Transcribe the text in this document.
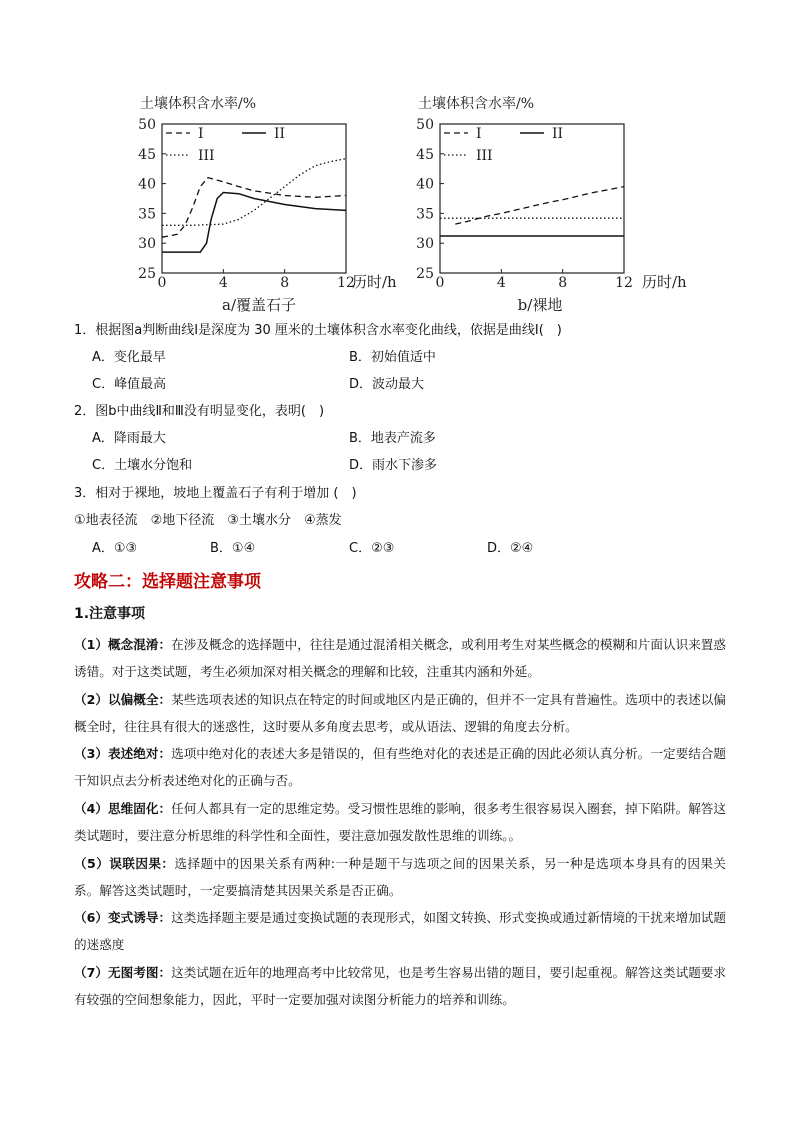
土壤体积含水率/%
25
30
35
40
45
50
0	4	8	12
I	II
III
历时/h
a/覆盖石子
土壤体积含水率/%
25
30
35
40
45
50
0	4	8	12
I	II
III
历时/h
b/裸地
1．根据图a判断曲线Ⅰ是深度为 30 厘米的土壤体积含水率变化曲线，依据是曲线Ⅰ(　)
A．变化最早	B．初始值适中
C．峰值最高	D．波动最大
2．图b中曲线Ⅱ和Ⅲ没有明显变化，表明(　)
A．降雨最大	B．地表产流多
C．土壤水分饱和	D．雨水下渗多
3．相对于裸地，坡地上覆盖石子有利于增加 (　)
①地表径流　②地下径流　③土壤水分　④蒸发
A．①③	B．①④	C．②③	D．②④
攻略二：选择题注意事项
1.注意事项
（1）概念混淆：在涉及概念的选择题中，往往是通过混淆相关概念，或利用考生对某些概念的模糊和片面认识来置惑诱错。对于这类试题，考生必须加深对相关概念的理解和比较，注重其内涵和外延。
（2）以偏概全：某些选项表述的知识点在特定的时间或地区内是正确的，但并不一定具有普遍性。选项中的表述以偏概全时，往往具有很大的迷惑性，这时要从多角度去思考，或从语法、逻辑的角度去分析。
（3）表述绝对：选项中绝对化的表述大多是错误的，但有些绝对化的表述是正确的因此必须认真分析。一定要结合题干知识点去分析表述绝对化的正确与否。
（4）思维固化：任何人都具有一定的思维定势。受习惯性思维的影响，很多考生很容易误入圈套，掉下陷阱。解答这类试题时，要注意分析思维的科学性和全面性，要注意加强发散性思维的训练。。
（5）误联因果：选择题中的因果关系有两种:一种是题干与选项之间的因果关系，另一种是选项本身具有的因果关系。解答这类试题时，一定要搞清楚其因果关系是否正确。
（6）变式诱导：这类选择题主要是通过变换试题的表现形式，如图文转换、形式变换或通过新情境的干扰来增加试题的迷惑度
（7）无图考图：这类试题在近年的地理高考中比较常见，也是考生容易出错的题目，要引起重视。解答这类试题要求有较强的空间想象能力，因此，平时一定要加强对读图分析能力的培养和训练。
